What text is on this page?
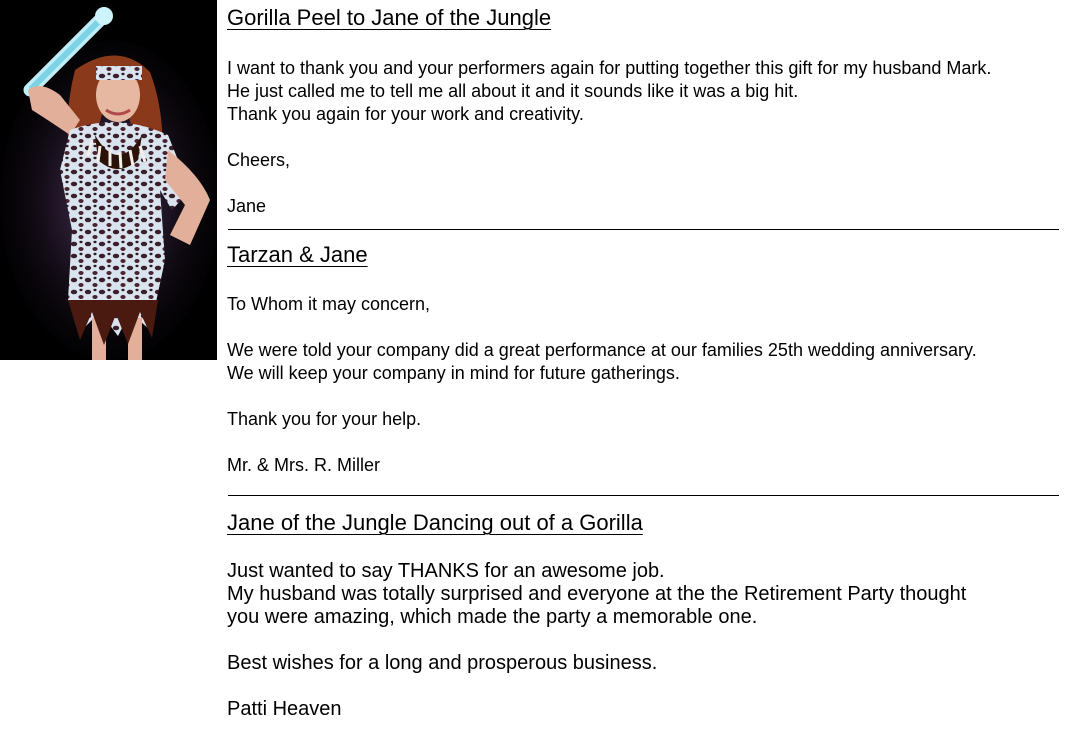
Gorilla Peel to Jane of the Jungle
I want to thank you and your performers again for putting together this gift for my husband Mark.
He just called me to tell me all about it and it sounds like it was a big hit.
Thank you again for your work and creativity.
Cheers,
Jane
Tarzan & Jane
To Whom it may concern,
We were told your company did a great performance at our families 25th wedding anniversary.
We will keep your company in mind for future gatherings.
Thank you for your help.
Mr. & Mrs. R. Miller
Jane of the Jungle Dancing out of a Gorilla
Just wanted to say THANKS for an awesome job.
My husband was totally surprised and everyone at the the Retirement Party thought
you were amazing, which made the party a memorable one.
Best wishes for a long and prosperous business.
Patti Heaven
